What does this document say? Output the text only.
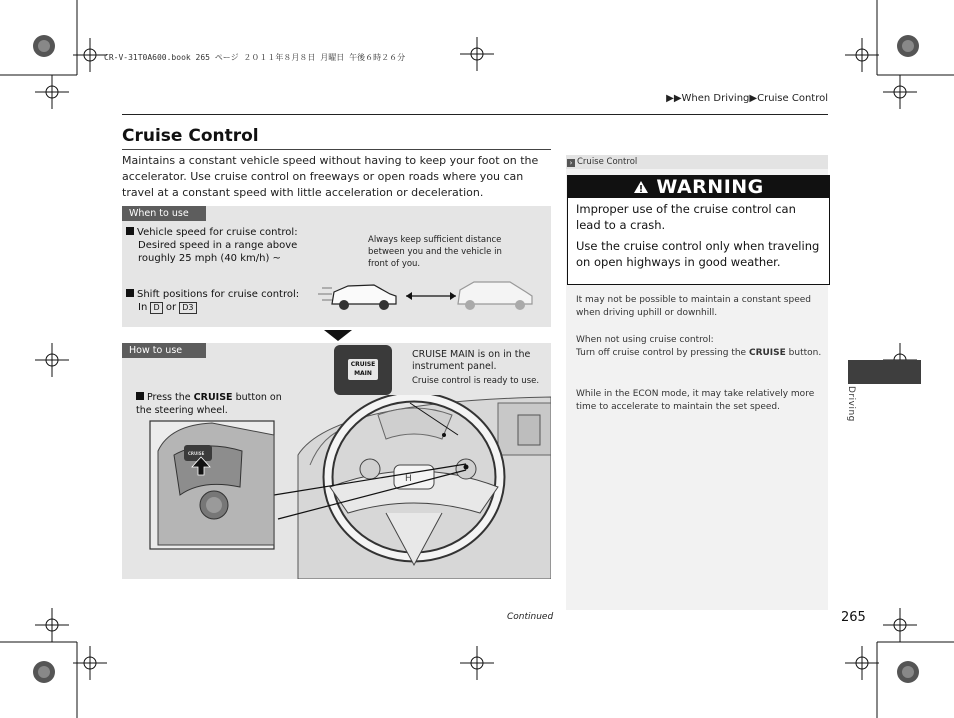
CR-V-31T0A600.book 265 ページ ２０１１年８月８日 月曜日 午後６時２６分
▶▶When Driving▶Cruise Control
Cruise Control
Maintains a constant vehicle speed without having to keep your foot on the accelerator. Use cruise control on freeways or open roads where you can travel at a constant speed with little acceleration or deceleration.
When to use
Vehicle speed for cruise control:
Desired speed in a range above roughly 25 mph (40 km/h) ~
Shift positions for cruise control:
In D or D3
Always keep sufficient distance between you and the vehicle in front of you.
How to use
Press the CRUISE button on the steering wheel.
CRUISE
MAIN
CRUISE MAIN is on in the instrument panel.
Cruise control is ready to use.
H
CRUISE
› Cruise Control
WARNING
Improper use of the cruise control can lead to a crash.
Use the cruise control only when traveling on open highways in good weather.
It may not be possible to maintain a constant speed when driving uphill or downhill.
When not using cruise control:
Turn off cruise control by pressing the CRUISE button.
While in the ECON mode, it may take relatively more time to accelerate to maintain the set speed.	Driving
Continued	265
